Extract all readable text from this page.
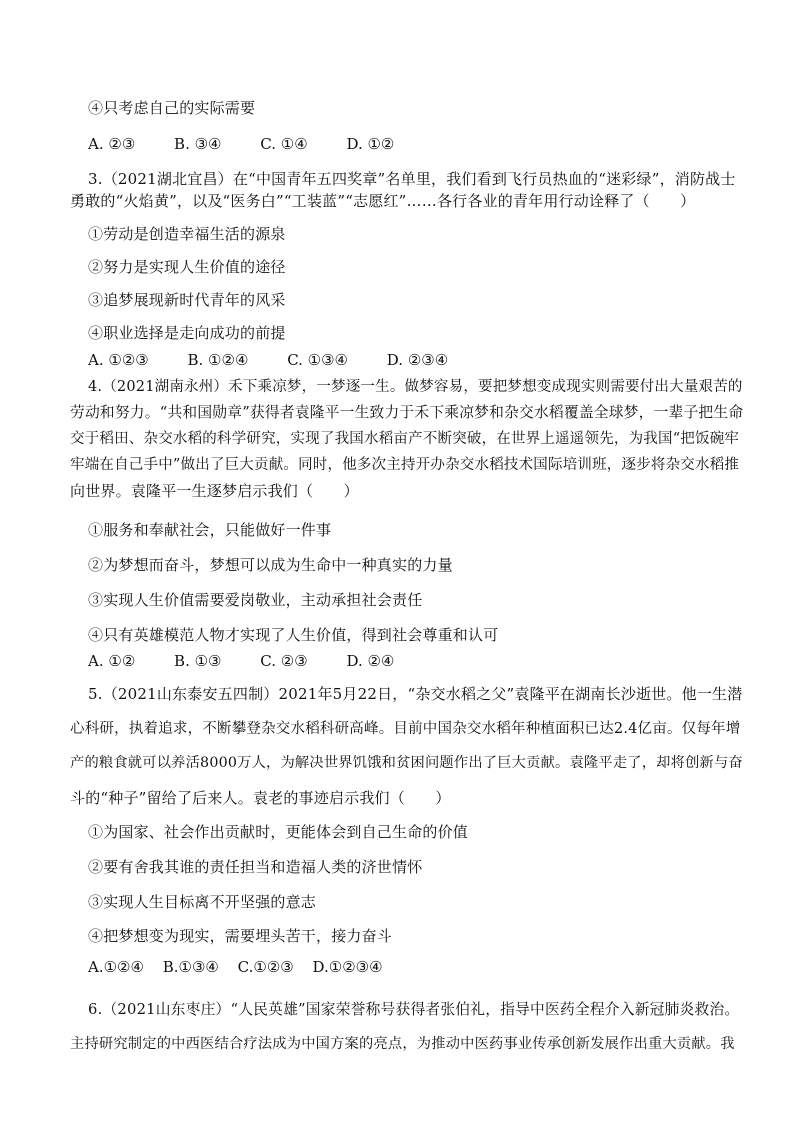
④只考虑自己的实际需要
A. ②③	B. ③④	C. ①④	D. ①②
3.（2021湖北宜昌）在“中国青年五四奖章”名单里，我们看到飞行员热血的“迷彩绿”，消防战士
勇敢的“火焰黄”，以及“医务白”“工装蓝”“志愿红”……各行各业的青年用行动诠释了（　　）
①劳动是创造幸福生活的源泉
②努力是实现人生价值的途径
③追梦展现新时代青年的风采
④职业选择是走向成功的前提
A. ①②③	B. ①②④	C. ①③④	D. ②③④
4.（2021湖南永州）禾下乘凉梦，一梦逐一生。做梦容易，要把梦想变成现实则需要付出大量艰苦的
劳动和努力。“共和国勋章”获得者袁隆平一生致力于禾下乘凉梦和杂交水稻覆盖全球梦，一辈子把生命
交于稻田、杂交水稻的科学研究，实现了我国水稻亩产不断突破，在世界上遥遥领先，为我国“把饭碗牢
牢端在自己手中”做出了巨大贡献。同时，他多次主持开办杂交水稻技术国际培训班，逐步将杂交水稻推
向世界。袁隆平一生逐梦启示我们（　　）
①服务和奉献社会，只能做好一件事
②为梦想而奋斗，梦想可以成为生命中一种真实的力量
③实现人生价值需要爱岗敬业，主动承担社会责任
④只有英雄模范人物才实现了人生价值，得到社会尊重和认可
A. ①②	B. ①③	C. ②③	D. ②④
5.（2021山东泰安五四制）2021年5月22日，“杂交水稻之父”袁隆平在湖南长沙逝世。他一生潜
心科研，执着追求，不断攀登杂交水稻科研高峰。目前中国杂交水稻年种植面积已达2.4亿亩。仅每年增
产的粮食就可以养活8000万人，为解决世界饥饿和贫困问题作出了巨大贡献。袁隆平走了，却将创新与奋
斗的“种子”留给了后来人。袁老的事迹启示我们（　　）
①为国家、社会作出贡献时，更能体会到自己生命的价值
②要有舍我其谁的责任担当和造福人类的济世情怀
③实现人生目标离不开坚强的意志
④把梦想变为现实，需要埋头苦干，接力奋斗
A.①②④ B.①③④ C.①②③ D.①②③④
6.（2021山东枣庄）“人民英雄”国家荣誉称号获得者张伯礼，指导中医药全程介入新冠肺炎救治。
主持研究制定的中西医结合疗法成为中国方案的亮点，为推动中医药事业传承创新发展作出重大贡献。我
